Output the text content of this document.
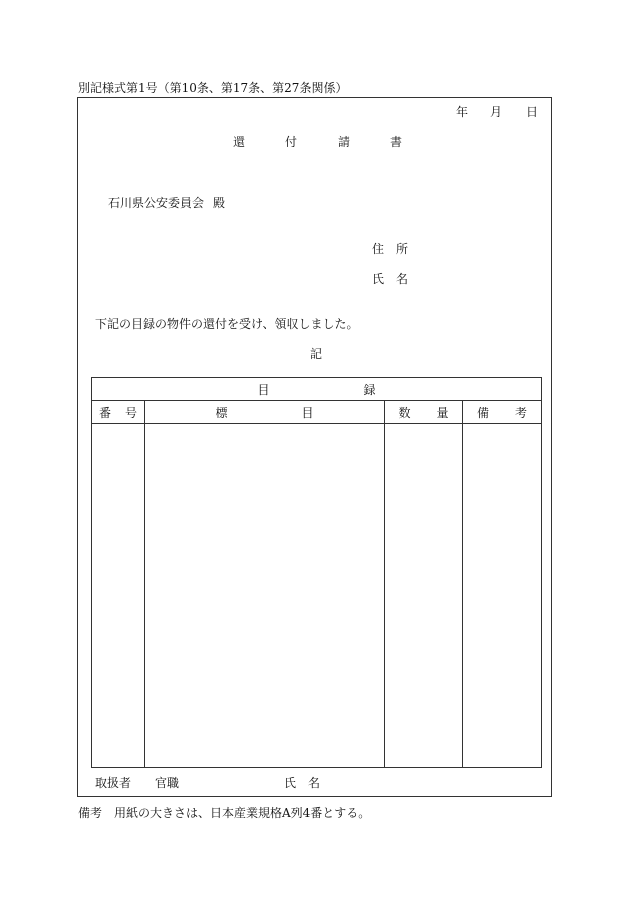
別記様式第1号（第10条、第17条、第27条関係）
年 月 日
還	付	請	書
石川県公安委員会 殿
住 所
氏 名
下記の目録の物件の還付を受け、領収しました。
記
目 録			
番 号	標 目	数 量	備 考

取扱者 官職	氏 名
備考　用紙の大きさは、日本産業規格A列4番とする。
